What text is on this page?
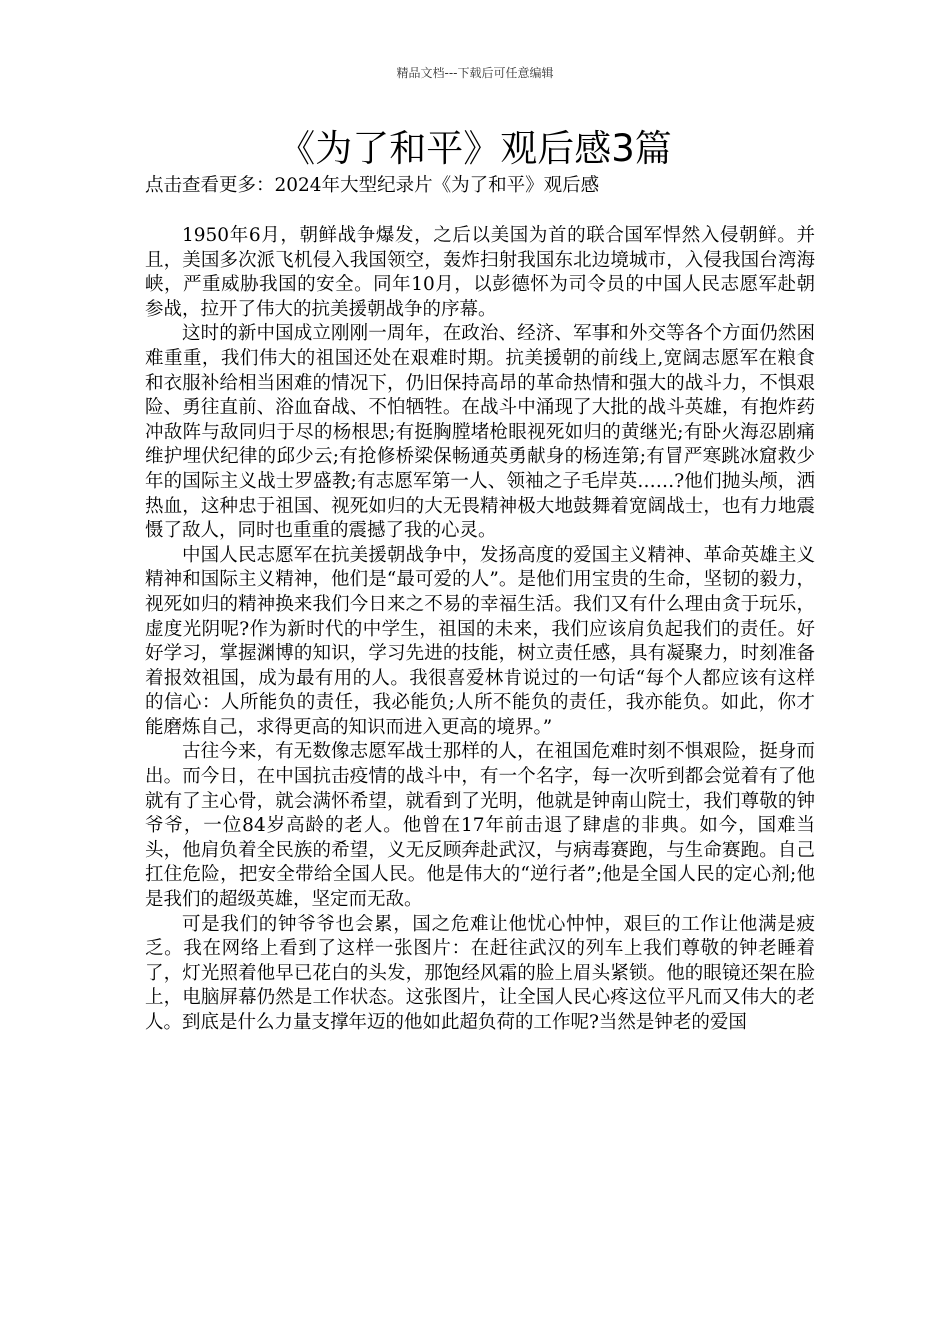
精品文档---下载后可任意编辑
《为了和平》观后感3篇
点击查看更多：2024年大型纪录片《为了和平》观后感

1950年6月，朝鲜战争爆发，之后以美国为首的联合国军悍然入侵朝鲜。并且，美国多次派飞机侵入我国领空，轰炸扫射我国东北边境城市，入侵我国台湾海峡，严重威胁我国的安全。同年10月，以彭德怀为司令员的中国人民志愿军赴朝参战，拉开了伟大的抗美援朝战争的序幕。

这时的新中国成立刚刚一周年，在政治、经济、军事和外交等各个方面仍然困难重重，我们伟大的祖国还处在艰难时期。抗美援朝的前线上,宽阔志愿军在粮食和衣服补给相当困难的情况下，仍旧保持高昂的革命热情和强大的战斗力，不惧艰险、勇往直前、浴血奋战、不怕牺牲。在战斗中涌现了大批的战斗英雄，有抱炸药冲敌阵与敌同归于尽的杨根思;有挺胸膛堵枪眼视死如归的黄继光;有卧火海忍剧痛维护埋伏纪律的邱少云;有抢修桥梁保畅通英勇献身的杨连第;有冒严寒跳冰窟救少年的国际主义战士罗盛教;有志愿军第一人、领袖之子毛岸英……?他们抛头颅，洒热血，这种忠于祖国、视死如归的大无畏精神极大地鼓舞着宽阔战士，也有力地震慑了敌人，同时也重重的震撼了我的心灵。

中国人民志愿军在抗美援朝战争中，发扬高度的爱国主义精神、革命英雄主义精神和国际主义精神，他们是“最可爱的人”。是他们用宝贵的生命，坚韧的毅力，视死如归的精神换来我们今日来之不易的幸福生活。我们又有什么理由贪于玩乐，虚度光阴呢?作为新时代的中学生，祖国的未来，我们应该肩负起我们的责任。好好学习，掌握渊博的知识，学习先进的技能，树立责任感，具有凝聚力，时刻准备着报效祖国，成为最有用的人。我很喜爱林肯说过的一句话“每个人都应该有这样的信心：人所能负的责任，我必能负;人所不能负的责任，我亦能负。如此，你才能磨炼自己，求得更高的知识而进入更高的境界。”

古往今来，有无数像志愿军战士那样的人，在祖国危难时刻不惧艰险，挺身而出。而今日，在中国抗击疫情的战斗中，有一个名字，每一次听到都会觉着有了他就有了主心骨，就会满怀希望，就看到了光明，他就是钟南山院士，我们尊敬的钟爷爷，一位84岁高龄的老人。他曾在17年前击退了肆虐的非典。如今，国难当头，他肩负着全民族的希望，义无反顾奔赴武汉，与病毒赛跑，与生命赛跑。自己扛住危险，把安全带给全国人民。他是伟大的“逆行者”;他是全国人民的定心剂;他是我们的超级英雄，坚定而无敌。

可是我们的钟爷爷也会累，国之危难让他忧心忡忡，艰巨的工作让他满是疲乏。我在网络上看到了这样一张图片：在赶往武汉的列车上我们尊敬的钟老睡着了，灯光照着他早已花白的头发，那饱经风霜的脸上眉头紧锁。他的眼镜还架在脸上，电脑屏幕仍然是工作状态。这张图片，让全国人民心疼这位平凡而又伟大的老人。到底是什么力量支撑年迈的他如此超负荷的工作呢?当然是钟老的爱国
